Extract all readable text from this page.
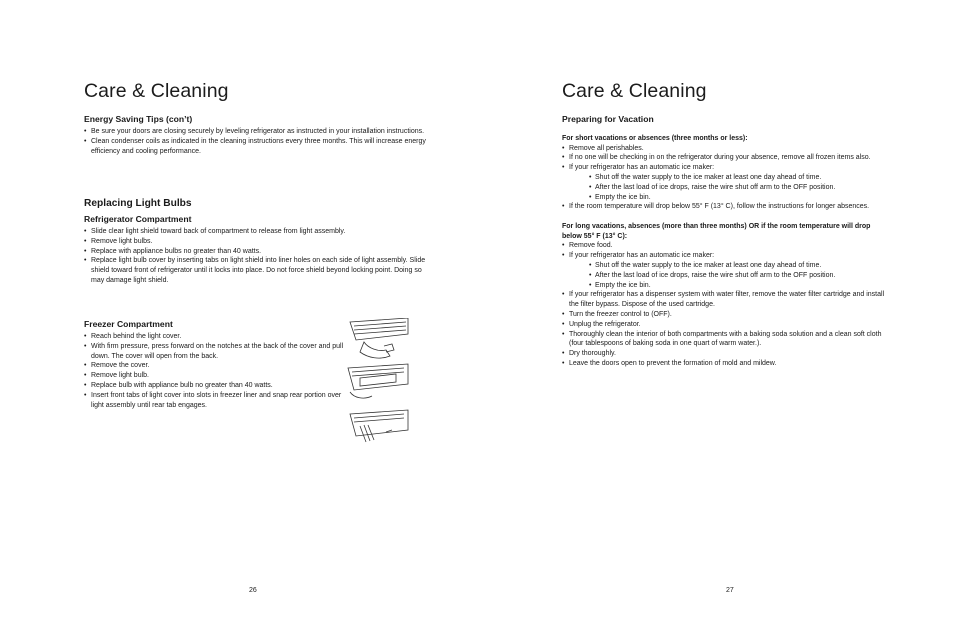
Care & Cleaning
Energy Saving Tips (con’t)
• Be sure your doors are closing securely by leveling refrigerator as instructed in your installation instructions.
• Clean condenser coils as indicated in the cleaning instructions every three months. This will increase energy efficiency and cooling performance.
Replacing Light Bulbs
Refrigerator Compartment
• Slide clear light shield toward back of compartment to release from light assembly.
• Remove light bulbs.
• Replace with appliance bulbs no greater than 40 watts.
• Replace light bulb cover by inserting tabs on light shield into liner holes on each side of light assembly. Slide shield toward front of refrigerator until it locks into place. Do not force shield beyond locking point. Doing so may damage light shield.
Freezer Compartment
• Reach behind the light cover.
• With firm pressure, press forward on the notches at the back of the cover and pull down. The cover will open from the back.
• Remove the cover.
• Remove light bulb.
• Replace bulb with appliance bulb no greater than 40 watts.
• Insert front tabs of light cover into slots in freezer liner and snap rear portion over light assembly until rear tab engages.
26
Care & Cleaning
Preparing for Vacation
For short vacations or absences (three months or less):
• Remove all perishables.
• If no one will be checking in on the refrigerator during your absence, remove all frozen items also.
• If your refrigerator has an automatic ice maker:
• Shut off the water supply to the ice maker at least one day ahead of time.
• After the last load of ice drops, raise the wire shut off arm to the OFF position.
• Empty the ice bin.
• If the room temperature will drop below 55° F (13° C), follow the instructions for longer absences.
For long vacations, absences (more than three months) OR if the room temperature will drop below 55° F (13° C):
• Remove food.
• If your refrigerator has an automatic ice maker:
• Shut off the water supply to the ice maker at least one day ahead of time.
• After the last load of ice drops, raise the wire shut off arm to the OFF position.
• Empty the ice bin.
• If your refrigerator has a dispenser system with water filter, remove the water filter cartridge and install the filter bypass. Dispose of the used cartridge.
• Turn the freezer control to (OFF).
• Unplug the refrigerator.
• Thoroughly clean the interior of both compartments with a baking soda solution and a clean soft cloth (four tablespoons of baking soda in one quart of warm water.).
• Dry thoroughly.
• Leave the doors open to prevent the formation of mold and mildew.
27
